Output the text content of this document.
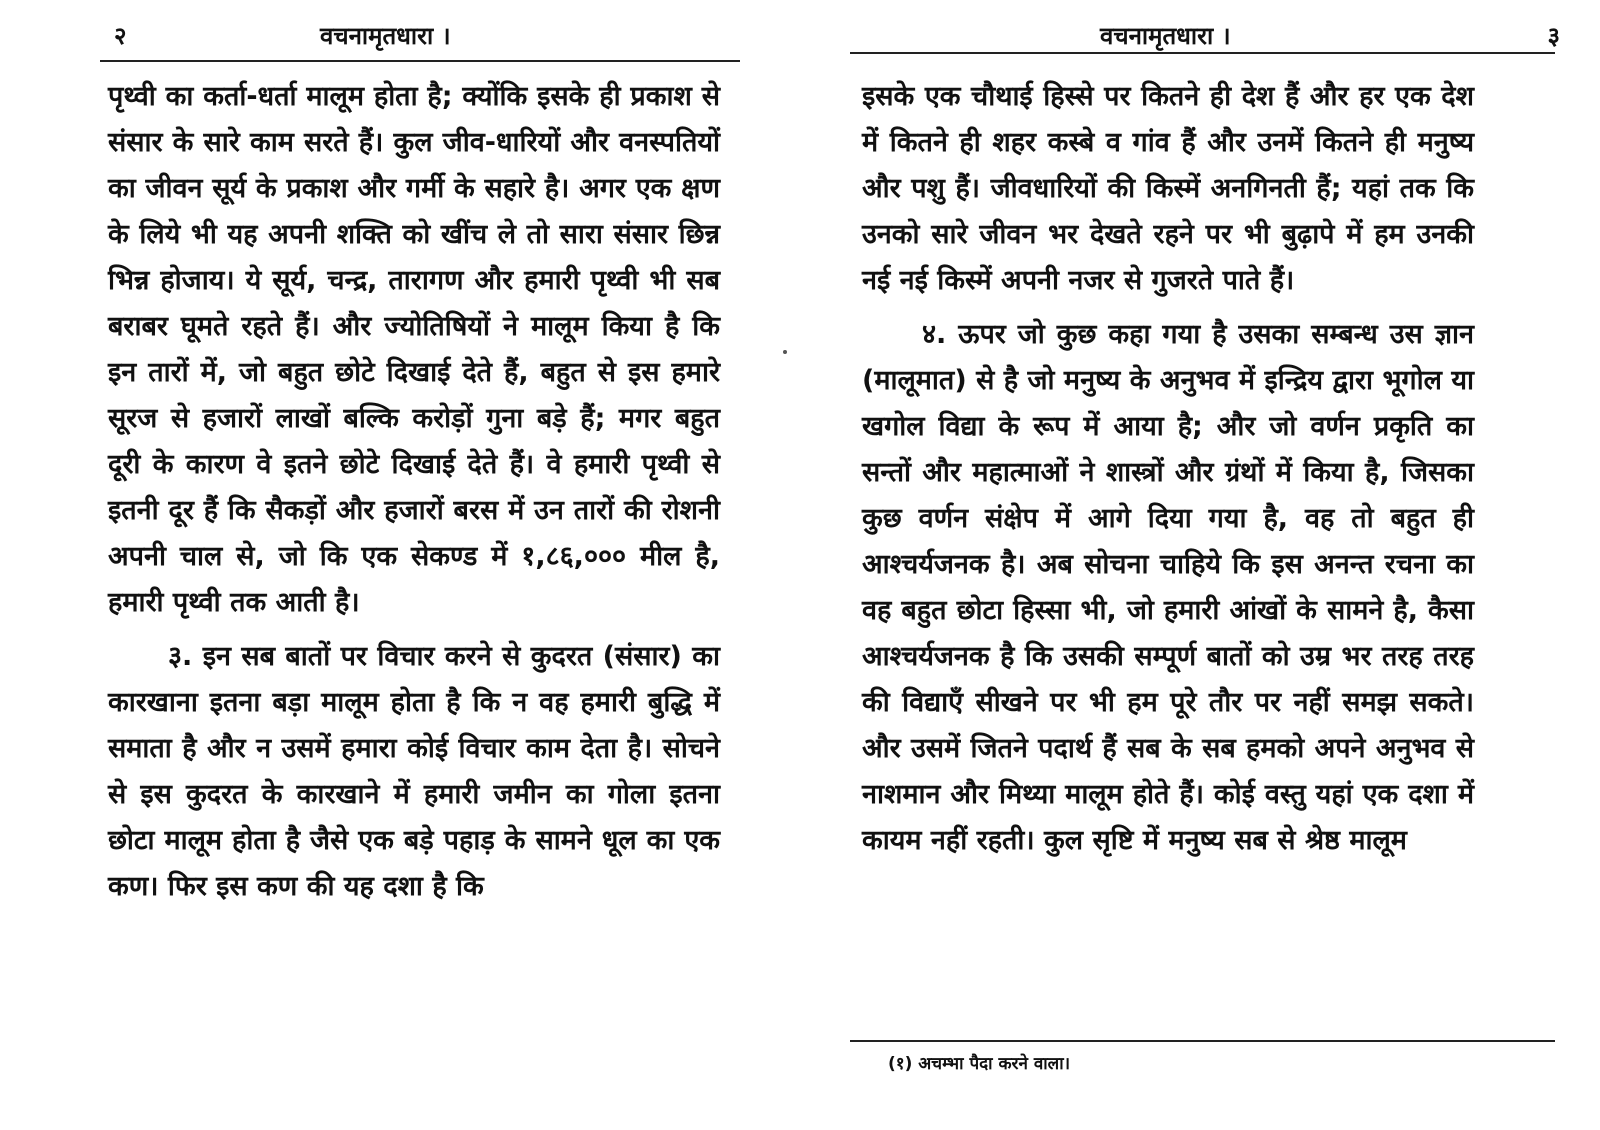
२	वचनामृतधारा ।

पृथ्वी का कर्ता-धर्ता मालूम होता है; क्योंकि इसके ही प्रकाश से संसार के सारे काम सरते हैं। कुल जीव-धारियों और वनस्पतियों का जीवन सूर्य के प्रकाश और गर्मी के सहारे है। अगर एक क्षण के लिये भी यह अपनी शक्ति को खींच ले तो सारा संसार छिन्न भिन्न होजाय। ये सूर्य, चन्द्र, तारागण और हमारी पृथ्वी भी सब बराबर घूमते रहते हैं। और ज्योतिषियों ने मालूम किया है कि इन तारों में, जो बहुत छोटे दिखाई देते हैं, बहुत से इस हमारे सूरज से हजारों लाखों बल्कि करोड़ों गुना बड़े हैं; मगर बहुत दूरी के कारण वे इतने छोटे दिखाई देते हैं। वे हमारी पृथ्वी से इतनी दूर हैं कि सैकड़ों और हजारों बरस में उन तारों की रोशनी अपनी चाल से, जो कि एक सेकण्ड में १,८६,००० मील है, हमारी पृथ्वी तक आती है।

३. इन सब बातों पर विचार करने से कुदरत (संसार) का कारखाना इतना बड़ा मालूम होता है कि न वह हमारी बुद्धि में समाता है और न उसमें हमारा कोई विचार काम देता है। सोचने से इस कुदरत के कारखाने में हमारी जमीन का गोला इतना छोटा मालूम होता है जैसे एक बड़े पहाड़ के सामने धूल का एक कण। फिर इस कण की यह दशा है कि

वचनामृतधारा ।	३

इसके एक चौथाई हिस्से पर कितने ही देश हैं और हर एक देश में कितने ही शहर कस्बे व गांव हैं और उनमें कितने ही मनुष्य और पशु हैं। जीवधारियों की किस्में अनगिनती हैं; यहां तक कि उनको सारे जीवन भर देखते रहने पर भी बुढ़ापे में हम उनकी नई नई किस्में अपनी नजर से गुजरते पाते हैं।

४. ऊपर जो कुछ कहा गया है उसका सम्बन्ध उस ज्ञान (मालूमात) से है जो मनुष्य के अनुभव में इन्द्रिय द्वारा भूगोल या खगोल विद्या के रूप में आया है; और जो वर्णन प्रकृति का सन्तों और महात्माओं ने शास्त्रों और ग्रंथों में किया है, जिसका कुछ वर्णन संक्षेप में आगे दिया गया है, वह तो बहुत ही आश्चर्यजनक है। अब सोचना चाहिये कि इस अनन्त रचना का वह बहुत छोटा हिस्सा भी, जो हमारी आंखों के सामने है, कैसा आश्चर्यजनक है कि उसकी सम्पूर्ण बातों को उम्र भर तरह तरह की विद्याएँ सीखने पर भी हम पूरे तौर पर नहीं समझ सकते। और उसमें जितने पदार्थ हैं सब के सब हमको अपने अनुभव से नाशमान और मिथ्या मालूम होते हैं। कोई वस्तु यहां एक दशा में कायम नहीं रहती। कुल सृष्टि में मनुष्य सब से श्रेष्ठ मालूम

(१) अचम्भा पैदा करने वाला।
